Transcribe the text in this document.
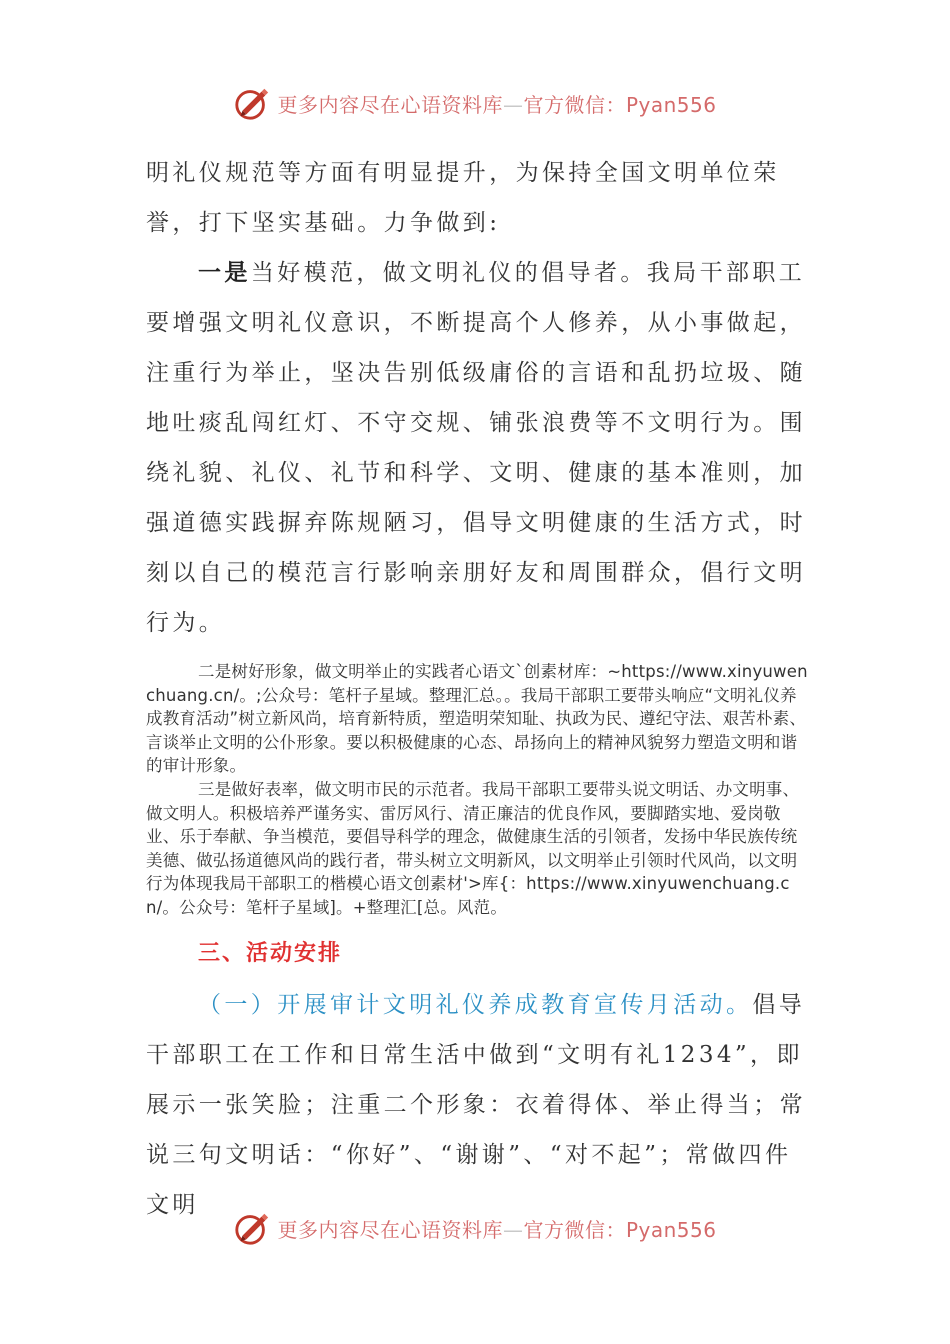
更多内容尽在心语资料库—官方微信：Pyan556

明礼仪规范等方面有明显提升，为保持全国文明单位荣誉，打下坚实基础。力争做到:

一是当好模范，做文明礼仪的倡导者。我局干部职工要增强文明礼仪意识，不断提高个人修养，从小事做起，注重行为举止，坚决告别低级庸俗的言语和乱扔垃圾、随地吐痰乱闯红灯、不守交规、铺张浪费等不文明行为。围绕礼貌、礼仪、礼节和科学、文明、健康的基本准则，加强道德实践摒弃陈规陋习，倡导文明健康的生活方式，时刻以自己的模范言行影响亲朋好友和周围群众，倡行文明行为。

二是树好形象，做文明举止的实践者心语文`创素材库：~https://www.xinyuwenchuang.cn/。;公众号：笔杆子星域。整理汇总。。我局干部职工要带头响应“文明礼仪养成教育活动”树立新风尚，培育新特质，塑造明荣知耻、执政为民、遵纪守法、艰苦朴素、言谈举止文明的公仆形象。要以积极健康的心态、昂扬向上的精神风貌努力塑造文明和谐的审计形象。

三是做好表率，做文明市民的示范者。我局干部职工要带头说文明话、办文明事、做文明人。积极培养严谨务实、雷厉风行、清正廉洁的优良作风，要脚踏实地、爱岗敬业、乐于奉献、争当模范，要倡导科学的理念，做健康生活的引领者，发扬中华民族传统美德、做弘扬道德风尚的践行者，带头树立文明新风，以文明举止引领时代风尚，以文明行为体现我局干部职工的楷模心语文创素材'>库{：https://www.xinyuwenchuang.cn/。公众号：笔杆子星域]。+整理汇[总。风范。

三、活动安排

（一）开展审计文明礼仪养成教育宣传月活动。倡导干部职工在工作和日常生活中做到“文明有礼1234”，即展示一张笑脸；注重二个形象：衣着得体、举止得当；常说三句文明话：“你好”、“谢谢”、“对不起”；常做四件文明

更多内容尽在心语资料库—官方微信：Pyan556
